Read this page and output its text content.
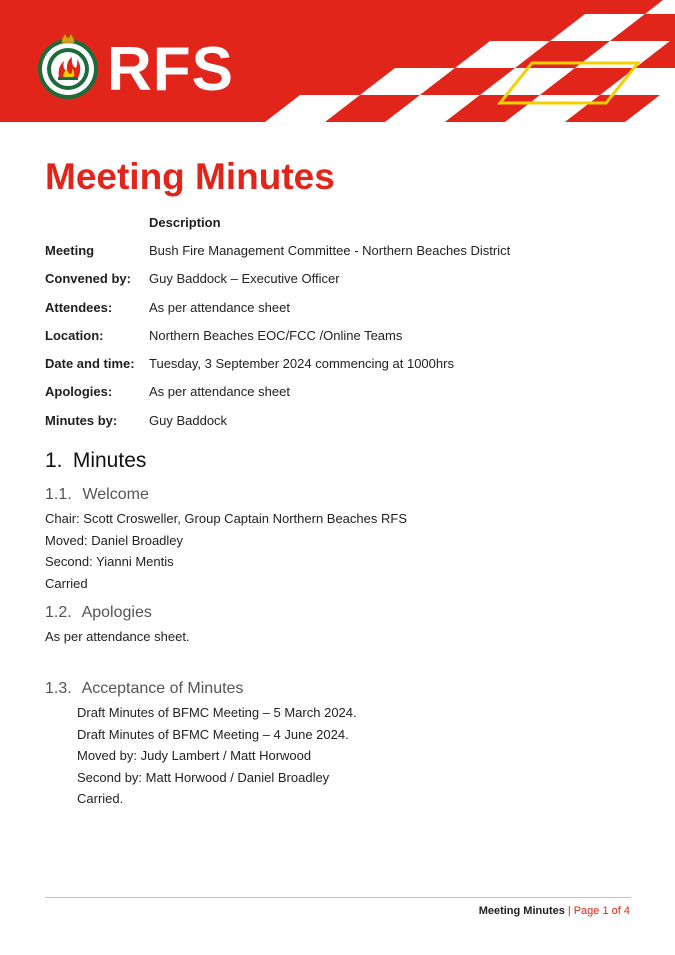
RFS
Meeting Minutes
	Description
Meeting	Bush Fire Management Committee - Northern Beaches District
Convened by:	Guy Baddock – Executive Officer
Attendees:	As per attendance sheet
Location:	Northern Beaches EOC/FCC /Online Teams
Date and time:	Tuesday, 3 September 2024 commencing at 1000hrs
Apologies:	As per attendance sheet
Minutes by:	Guy Baddock
1. Minutes
1.1. Welcome
Chair: Scott Crosweller, Group Captain Northern Beaches RFS
Moved: Daniel Broadley
Second: Yianni Mentis
Carried
1.2. Apologies
As per attendance sheet.
1.3. Acceptance of Minutes
Draft Minutes of BFMC Meeting – 5 March 2024.
Draft Minutes of BFMC Meeting – 4 June 2024.
Moved by: Judy Lambert / Matt Horwood
Second by: Matt Horwood / Daniel Broadley
Carried.
Meeting Minutes | Page 1 of 4
